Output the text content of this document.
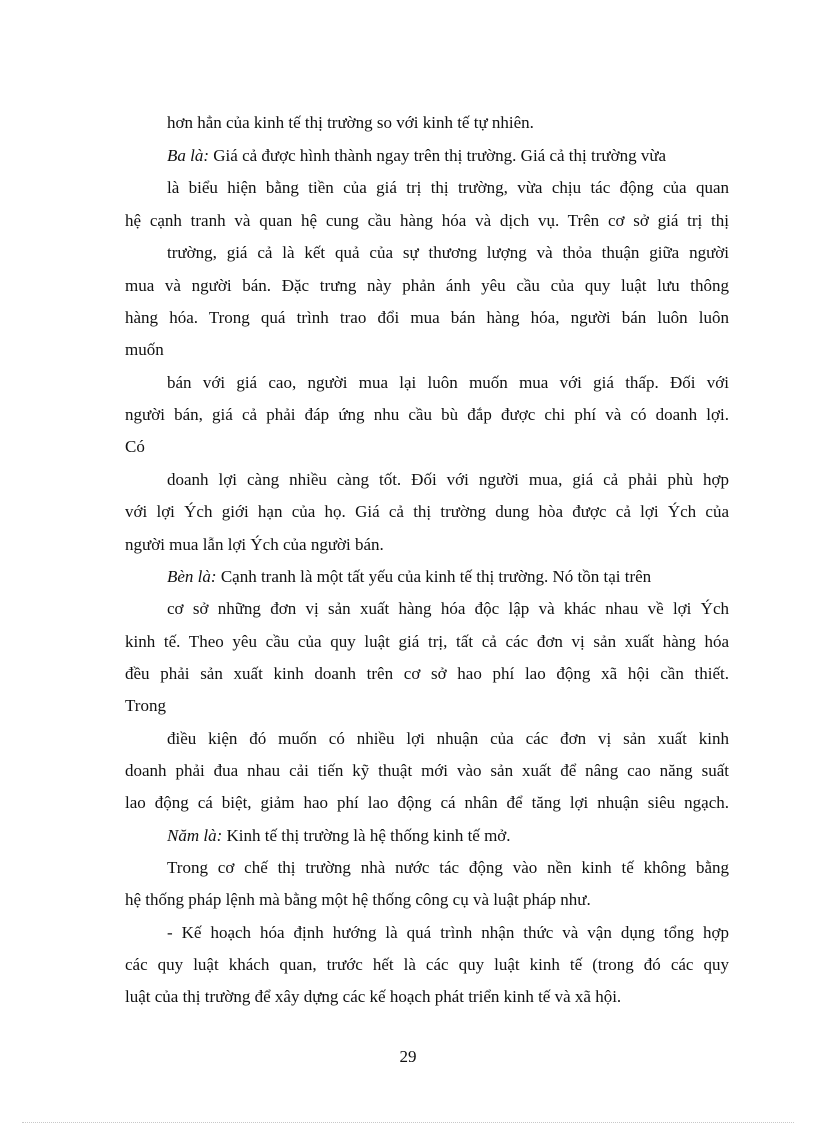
hơn hẳn của kinh tế thị trường so với kinh tế tự nhiên.
Ba là: Giá cả được hình thành ngay trên thị trường. Giá cả thị trường vừa
là biểu hiện bằng tiền của giá trị thị trường, vừa chịu tác động của quan
hệ cạnh tranh và quan hệ cung cầu hàng hóa và dịch vụ. Trên cơ sở giá trị thị
trường, giá cả là kết quả của sự thương lượng và thỏa thuận giữa người
mua và người bán. Đặc trưng này phản ánh yêu cầu của quy luật lưu thông
hàng hóa. Trong quá trình trao đổi mua bán hàng hóa, người bán luôn luôn
muốn
bán với giá cao, người mua lại luôn muốn mua với giá thấp. Đối với
người bán, giá cả phải đáp ứng nhu cầu bù đắp được chi phí và có doanh lợi.
Có
doanh lợi càng nhiều càng tốt. Đối với người mua, giá cả phải phù hợp
với lợi Ých giới hạn của họ. Giá cả thị trường dung hòa được cả lợi Ých của
người mua lẫn lợi Ých của người bán.
Bèn là: Cạnh tranh là một tất yếu của kinh tế thị trường. Nó tồn tại trên
cơ sở những đơn vị sản xuất hàng hóa độc lập và khác nhau về lợi Ých
kinh tế. Theo yêu cầu của quy luật giá trị, tất cả các đơn vị sản xuất hàng hóa
đều phải sản xuất kinh doanh trên cơ sở hao phí lao động xã hội cần thiết.
Trong
điều kiện đó muốn có nhiều lợi nhuận của các đơn vị sản xuất kinh
doanh phải đua nhau cải tiến kỹ thuật mới vào sản xuất để nâng cao năng suất
lao động cá biệt, giảm hao phí lao động cá nhân để tăng lợi nhuận siêu ngạch.
Năm là: Kinh tế thị trường là hệ thống kinh tế mở.
Trong cơ chế thị trường nhà nước tác động vào nền kinh tế không bằng
hệ thống pháp lệnh mà bằng một hệ thống công cụ và luật pháp như.
- Kế hoạch hóa định hướng là quá trình nhận thức và vận dụng tổng hợp
các quy luật khách quan, trước hết là các quy luật kinh tế (trong đó các quy
luật của thị trường để xây dựng các kế hoạch phát triển kinh tế và xã hội.
29
